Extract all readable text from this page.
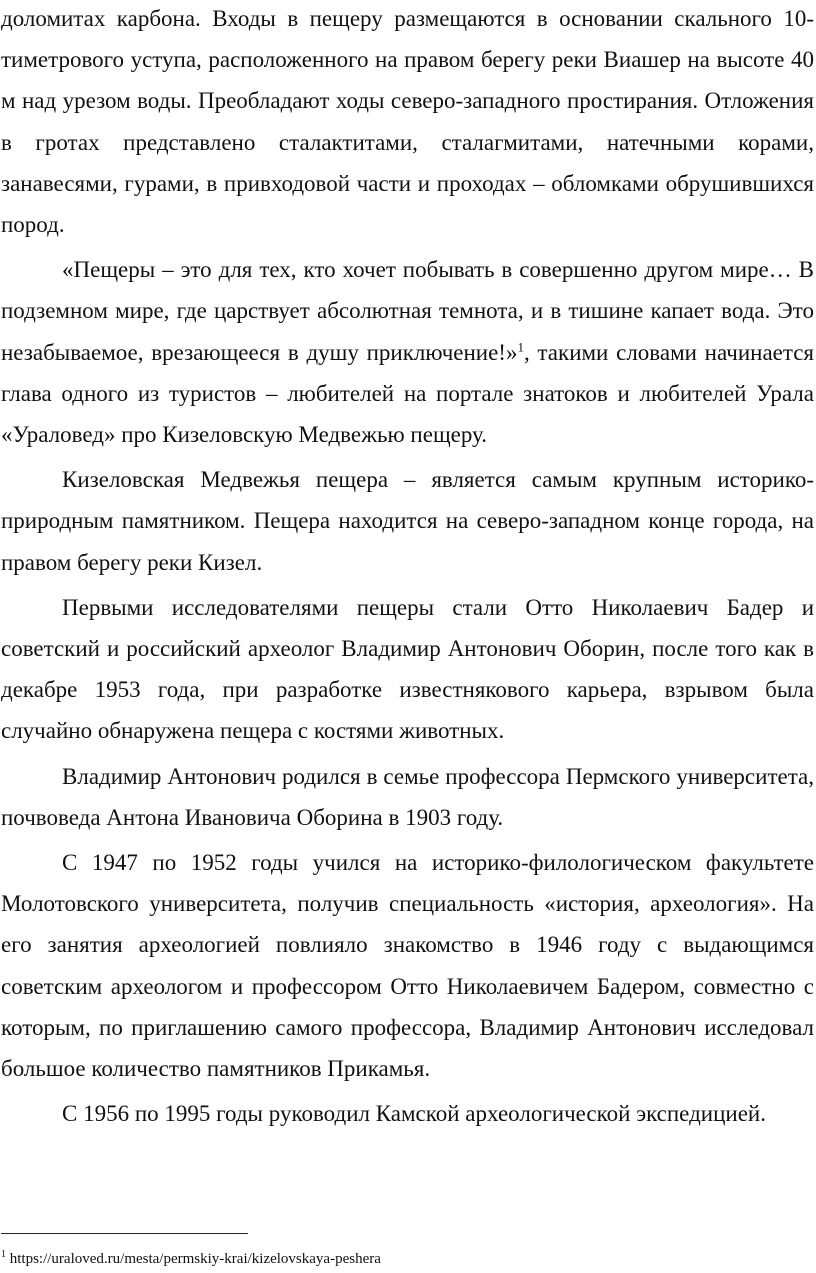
доломитах карбона. Входы в пещеру размещаются в основании скального 10-тиметрового уступа, расположенного на правом берегу реки Виашер на высоте 40 м над урезом воды. Преобладают ходы северо-западного простирания. Отложения в гротах представлено сталактитами, сталагмитами, натечными корами, занавесями, гурами, в привходовой части и проходах – обломками обрушившихся пород.

«Пещеры – это для тех, кто хочет побывать в совершенно другом мире… В подземном мире, где царствует абсолютная темнота, и в тишине капает вода. Это незабываемое, врезающееся в душу приключение!»$^1$, такими словами начинается глава одного из туристов – любителей на портале знатоков и любителей Урала «Ураловед» про Кизеловскую Медвежью пещеру.

Кизеловская Медвежья пещера – является самым крупным историко-природным памятником. Пещера находится на северо-западном конце города, на правом берегу реки Кизел.

Первыми исследователями пещеры стали Отто Николаевич Бадер и советский и российский археолог Владимир Антонович Оборин, после того как в декабре 1953 года, при разработке известнякового карьера, взрывом была случайно обнаружена пещера с костями животных.

Владимир Антонович родился в семье профессора Пермского университета, почвоведа Антона Ивановича Оборина в 1903 году.

С 1947 по 1952 годы учился на историко-филологическом факультете Молотовского университета, получив специальность «история, археология». На его занятия археологией повлияло знакомство в 1946 году с выдающимся советским археологом и профессором Отто Николаевичем Бадером, совместно с которым, по приглашению самого профессора, Владимир Антонович исследовал большое количество памятников Прикамья.

С 1956 по 1995 годы руководил Камской археологической экспедицией.

$^1$ https://uraloved.ru/mesta/permskiy-krai/kizelovskaya-peshera
